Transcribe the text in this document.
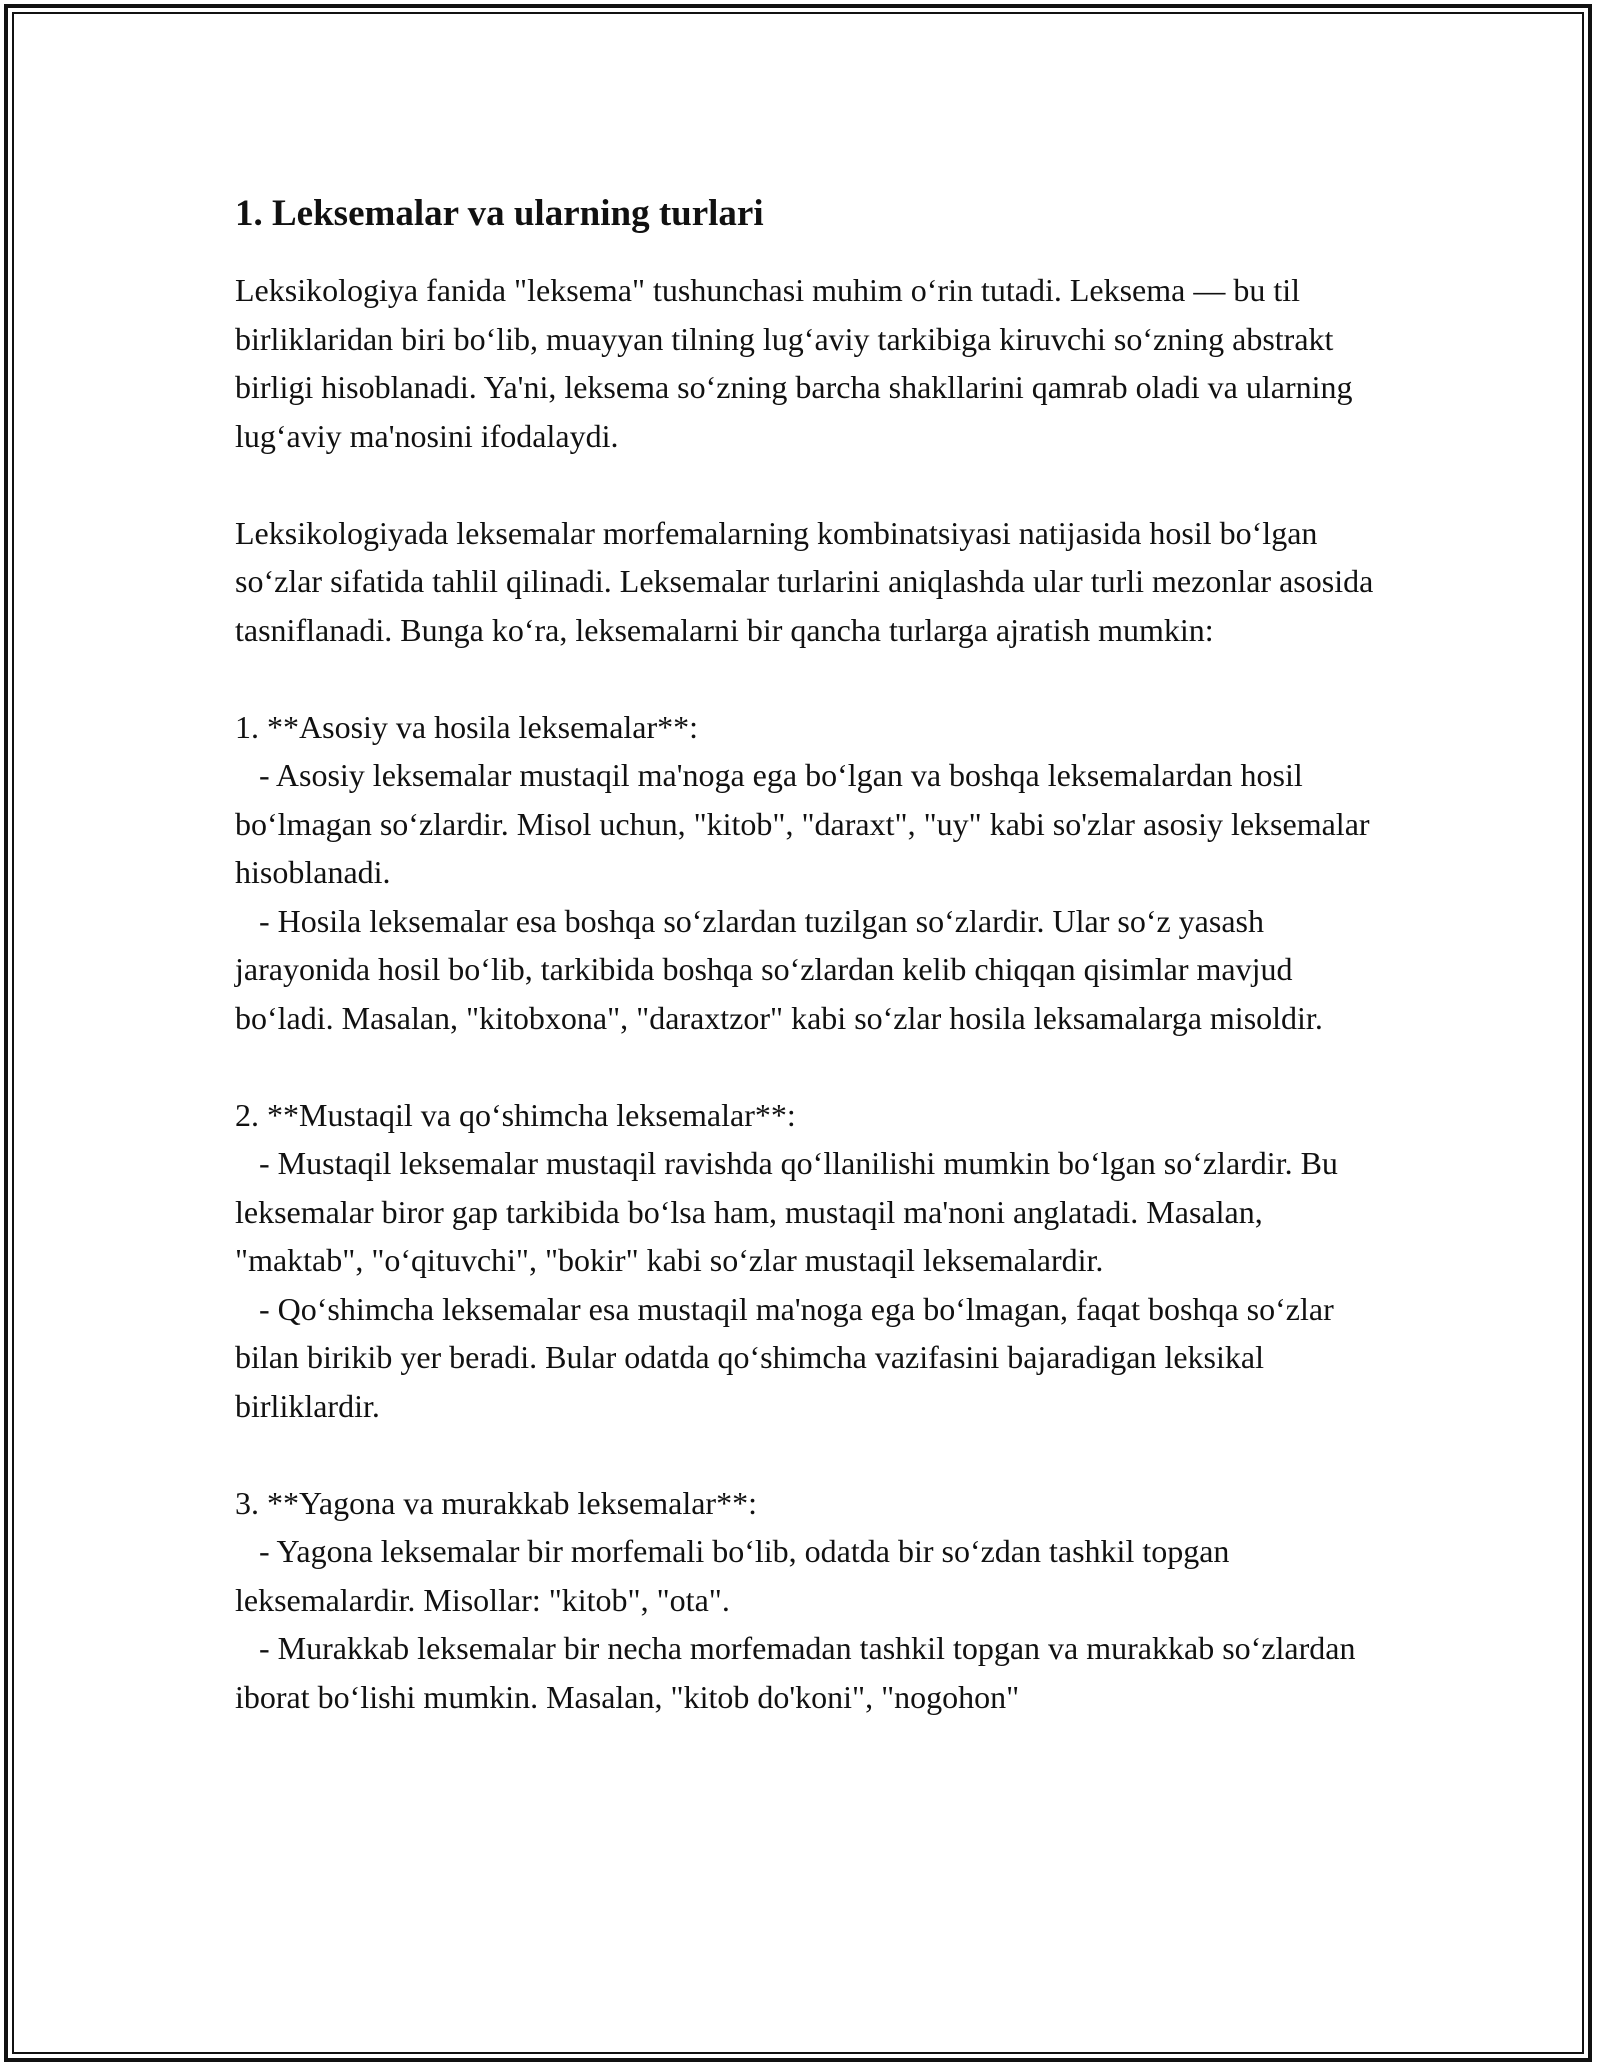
1. Leksemalar va ularning turlari

Leksikologiya fanida "leksema" tushunchasi muhim o‘rin tutadi. Leksema — bu til birliklaridan biri bo‘lib, muayyan tilning lug‘aviy tarkibiga kiruvchi so‘zning abstrakt birligi hisoblanadi. Ya'ni, leksema so‘zning barcha shakllarini qamrab oladi va ularning lug‘aviy ma'nosini ifodalaydi.

Leksikologiyada leksemalar morfemalarning kombinatsiyasi natijasida hosil bo‘lgan so‘zlar sifatida tahlil qilinadi. Leksemalar turlarini aniqlashda ular turli mezonlar asosida tasniflanadi. Bunga ko‘ra, leksemalarni bir qancha turlarga ajratish mumkin:

1. **Asosiy va hosila leksemalar**:
- Asosiy leksemalar mustaqil ma'noga ega bo‘lgan va boshqa leksemalardan hosil bo‘lmagan so‘zlardir. Misol uchun, "kitob", "daraxt", "uy" kabi so'zlar asosiy leksemalar hisoblanadi.
- Hosila leksemalar esa boshqa so‘zlardan tuzilgan so‘zlardir. Ular so‘z yasash jarayonida hosil bo‘lib, tarkibida boshqa so‘zlardan kelib chiqqan qisimlar mavjud bo‘ladi. Masalan, "kitobxona", "daraxtzor" kabi so‘zlar hosila leksamalarga misoldir.
2. **Mustaqil va qo‘shimcha leksemalar**:
- Mustaqil leksemalar mustaqil ravishda qo‘llanilishi mumkin bo‘lgan so‘zlardir. Bu leksemalar biror gap tarkibida bo‘lsa ham, mustaqil ma'noni anglatadi. Masalan, "maktab", "o‘qituvchi", "bokir" kabi so‘zlar mustaqil leksemalardir.
- Qo‘shimcha leksemalar esa mustaqil ma'noga ega bo‘lmagan, faqat boshqa so‘zlar bilan birikib yer beradi. Bular odatda qo‘shimcha vazifasini bajaradigan leksikal birliklardir.
3. **Yagona va murakkab leksemalar**:
- Yagona leksemalar bir morfemali bo‘lib, odatda bir so‘zdan tashkil topgan leksemalardir. Misollar: "kitob", "ota".
- Murakkab leksemalar bir necha morfemadan tashkil topgan va murakkab so‘zlardan iborat bo‘lishi mumkin. Masalan, "kitob do'koni", "nogohon"
